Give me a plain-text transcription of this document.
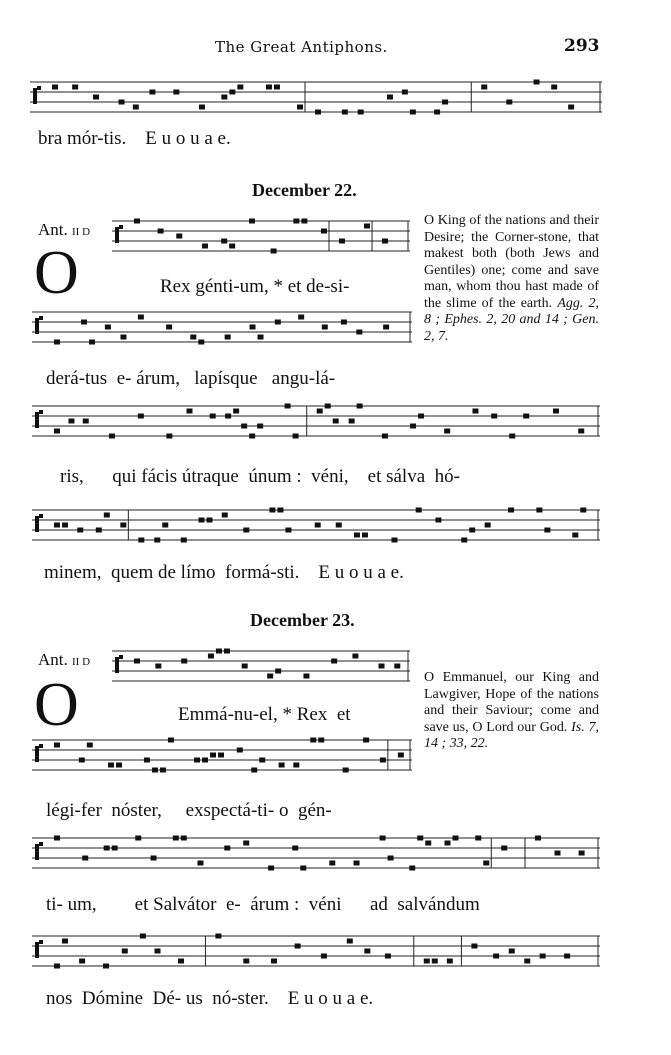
The Great Antiphons.	293
bra mór-tis.    E u o u a e.
December 22.
Ant. II D
O	Rex génti-um, * et de-si-
derá-tus  e- árum,   lapísque   angu-lá-
O King of the nations and their Desire; the Corner-stone, that makest both (both Jews and Gentiles) one; come and save man, whom thou hast made of the slime of the earth. Agg. 2, 8 ; Ephes. 2, 20 and 14 ; Gen. 2, 7.
ris,      qui fácis útraque  únum :  véni,    et sálva  hó-
minem,  quem de límo  formá-sti.    E u o u a e.
December 23.
Ant. II D
O	Emmá-nu-el, * Rex  et
légi-fer  nóster,     exspectá-ti- o  gén-
O Emmanuel, our King and Lawgiver, Hope of the nations and their Saviour; come and save us, O Lord our God. Is. 7, 14 ; 33, 22.
ti- um,        et Salvátor  e-  árum :  véni      ad  salvándum
nos  Dómine  Dé- us  nó-ster.    E u o u a e.
